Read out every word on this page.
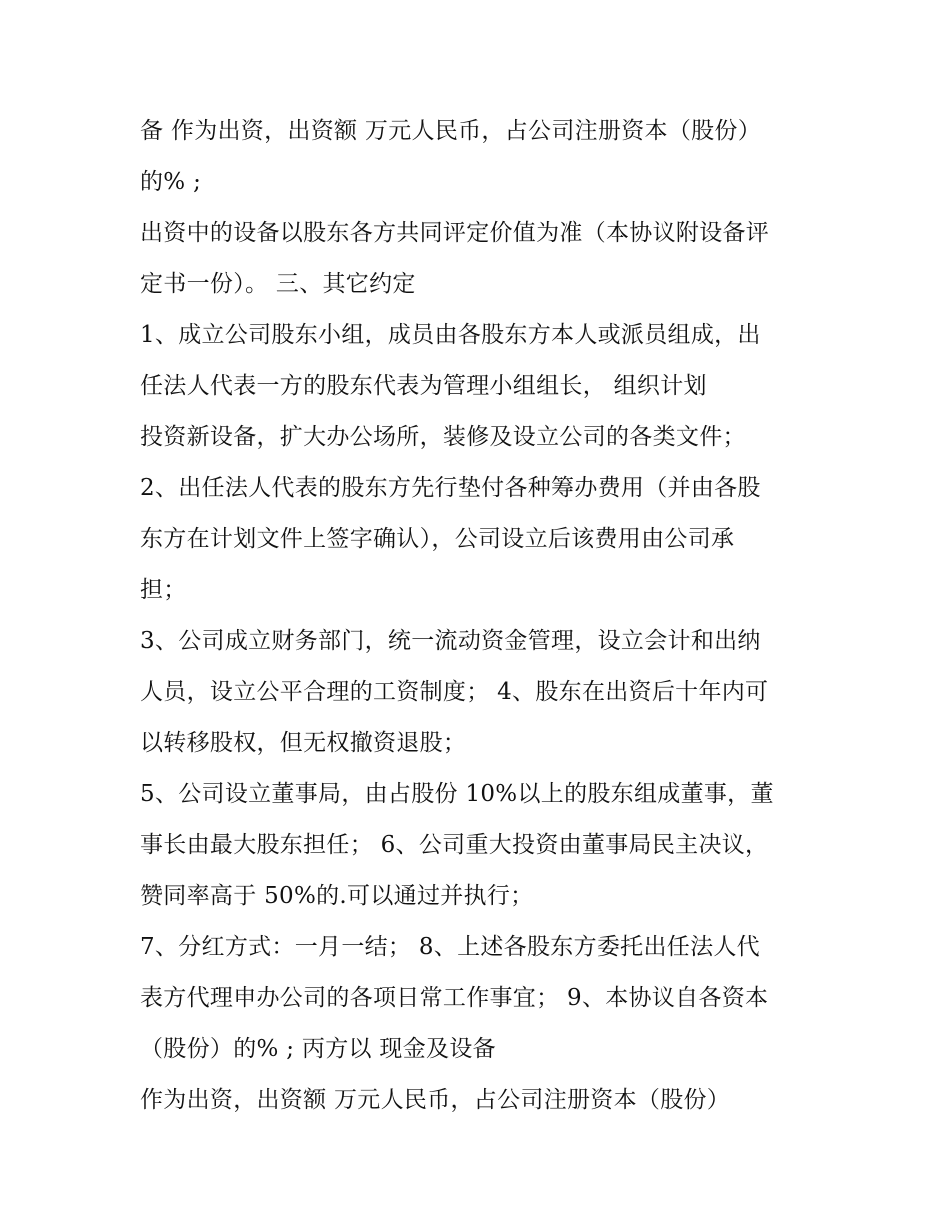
备 作为出资，出资额 万元人民币，占公司注册资本（股份）
的% ;
出资中的设备以股东各方共同评定价值为准（本协议附设备评
定书一份）。 三、其它约定
1、成立公司股东小组，成员由各股东方本人或派员组成，出
任法人代表一方的股东代表为管理小组组长， 组织计划
投资新设备，扩大办公场所，装修及设立公司的各类文件；
2、出任法人代表的股东方先行垫付各种筹办费用（并由各股
东方在计划文件上签字确认），公司设立后该费用由公司承
担；
3、公司成立财务部门，统一流动资金管理，设立会计和出纳
人员，设立公平合理的工资制度； 4、股东在出资后十年内可
以转移股权，但无权撤资退股；
5、公司设立董事局，由占股份 10%以上的股东组成董事，董
事长由最大股东担任； 6、公司重大投资由董事局民主决议，
赞同率高于 50%的.可以通过并执行；
7、分红方式：一月一结； 8、上述各股东方委托出任法人代
表方代理申办公司的各项日常工作事宜； 9、本协议自各资本
（股份）的% ; 丙方以 现金及设备
作为出资，出资额 万元人民币，占公司注册资本（股份）
